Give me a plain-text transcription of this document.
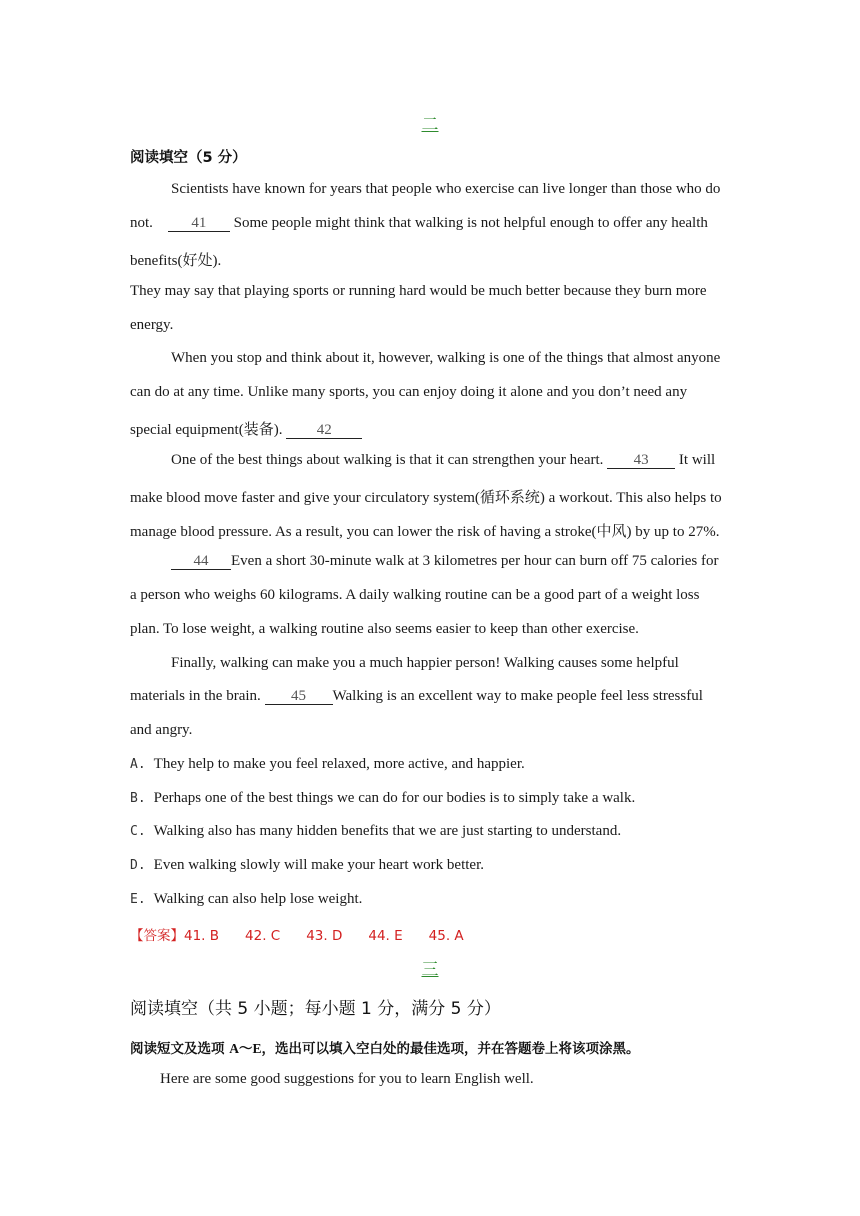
二
阅读填空（5 分）
Scientists have known for years that people who exercise can live longer than those who do
not.	41 Some people might think that walking is not helpful enough to offer any health
benefits(好处).
They may say that playing sports or running hard would be much better because they burn more
energy.
When you stop and think about it, however, walking is one of the things that almost anyone
can do at any time. Unlike many sports, you can enjoy doing it alone and you don’t need any
special equipment(装备). 42
One of the best things about walking is that it can strengthen your heart. 43 It will
make blood move faster and give your circulatory system(循环系统) a workout. This also helps to
manage blood pressure. As a result, you can lower the risk of having a stroke(中风) by up to 27%.
44 Even a short 30-minute walk at 3 kilometres per hour can burn off 75 calories for
a person who weighs 60 kilograms. A daily walking routine can be a good part of a weight loss
plan. To lose weight, a walking routine also seems easier to keep than other exercise.
Finally, walking can make you a much happier person! Walking causes some helpful
materials in the brain. 45 Walking is an excellent way to make people feel less stressful
and angry.
A. They help to make you feel relaxed, more active, and happier.
B. Perhaps one of the best things we can do for our bodies is to simply take a walk.
C. Walking also has many hidden benefits that we are just starting to understand.
D. Even walking slowly will make your heart work better.
E. Walking can also help lose weight.
【答案】41. B 42. C 43. D 44. E 45. A
三
阅读填空（共 5 小题；每小题 1 分，满分 5 分）
阅读短文及选项 A～E，选出可以填入空白处的最佳选项，并在答题卷上将该项涂黑。
Here are some good suggestions for you to learn English well.
